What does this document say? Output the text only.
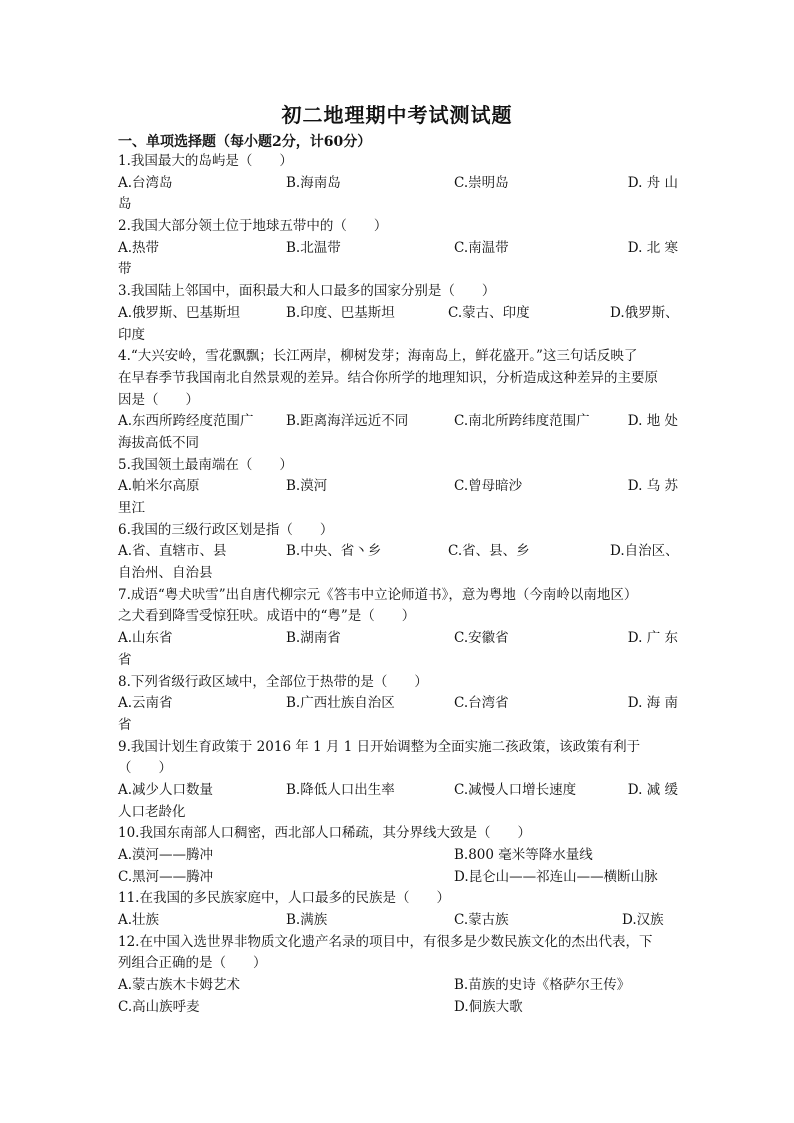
初二地理期中考试测试题
一、单项选择题（每小题2分，计60分）
1.我国最大的岛屿是（　　）
A.台湾岛	B.海南岛	C.崇明岛	D. 舟 山
岛
2.我国大部分领土位于地球五带中的（　　）
A.热带	B.北温带	C.南温带	D. 北 寒
带
3.我国陆上邻国中，面积最大和人口最多的国家分别是（　　）
A.俄罗斯、巴基斯坦	B.印度、巴基斯坦	C.蒙古、印度	D.俄罗斯、
印度
4.“大兴安岭，雪花飘飘；长江两岸，柳树发芽；海南岛上，鲜花盛开。”这三句话反映了
在早春季节我国南北自然景观的差异。结合你所学的地理知识，分析造成这种差异的主要原
因是（　　）
A.东西所跨经度范围广 B.距离海洋远近不同	C.南北所跨纬度范围广	D. 地 处
海拔高低不同
5.我国领土最南端在（　　）
A.帕米尔高原	B.漠河	C.曾母暗沙	D. 乌 苏
里江
6.我国的三级行政区划是指（　　）
A.省、直辖市、县	B.中央、省丶乡	C.省、县、乡	D.自治区、
自治州、自治县
7.成语“粤犬吠雪”出自唐代柳宗元《答韦中立论师道书》，意为粤地（今南岭以南地区）
之犬看到降雪受惊狂吠。成语中的“粤”是（　　）
A.山东省	B.湖南省	C.安徽省	D. 广 东
省
8.下列省级行政区域中，全部位于热带的是（　　）
A.云南省	B.广西壮族自治区	C.台湾省	D. 海 南
省
9.我国计划生育政策于 2016 年 1 月 1 日开始调整为全面实施二孩政策，该政策有利于
（　　）
A.减少人口数量	B.降低人口出生率	C.减慢人口增长速度	D. 减 缓
人口老龄化
10.我国东南部人口稠密，西北部人口稀疏，其分界线大致是（　　）
A.漠河——腾冲	B.800 毫米等降水量线
C.黑河——腾冲	D.昆仑山——祁连山——横断山脉
11.在我国的多民族家庭中，人口最多的民族是（　　）
A.壮族	B.满族	C.蒙古族	D.汉族
12.在中国入选世界非物质文化遗产名录的项目中，有很多是少数民族文化的杰出代表，下
列组合正确的是（　　）
A.蒙古族木卡姆艺术	B.苗族的史诗《格萨尔王传》
C.高山族呼麦	D.侗族大歌
